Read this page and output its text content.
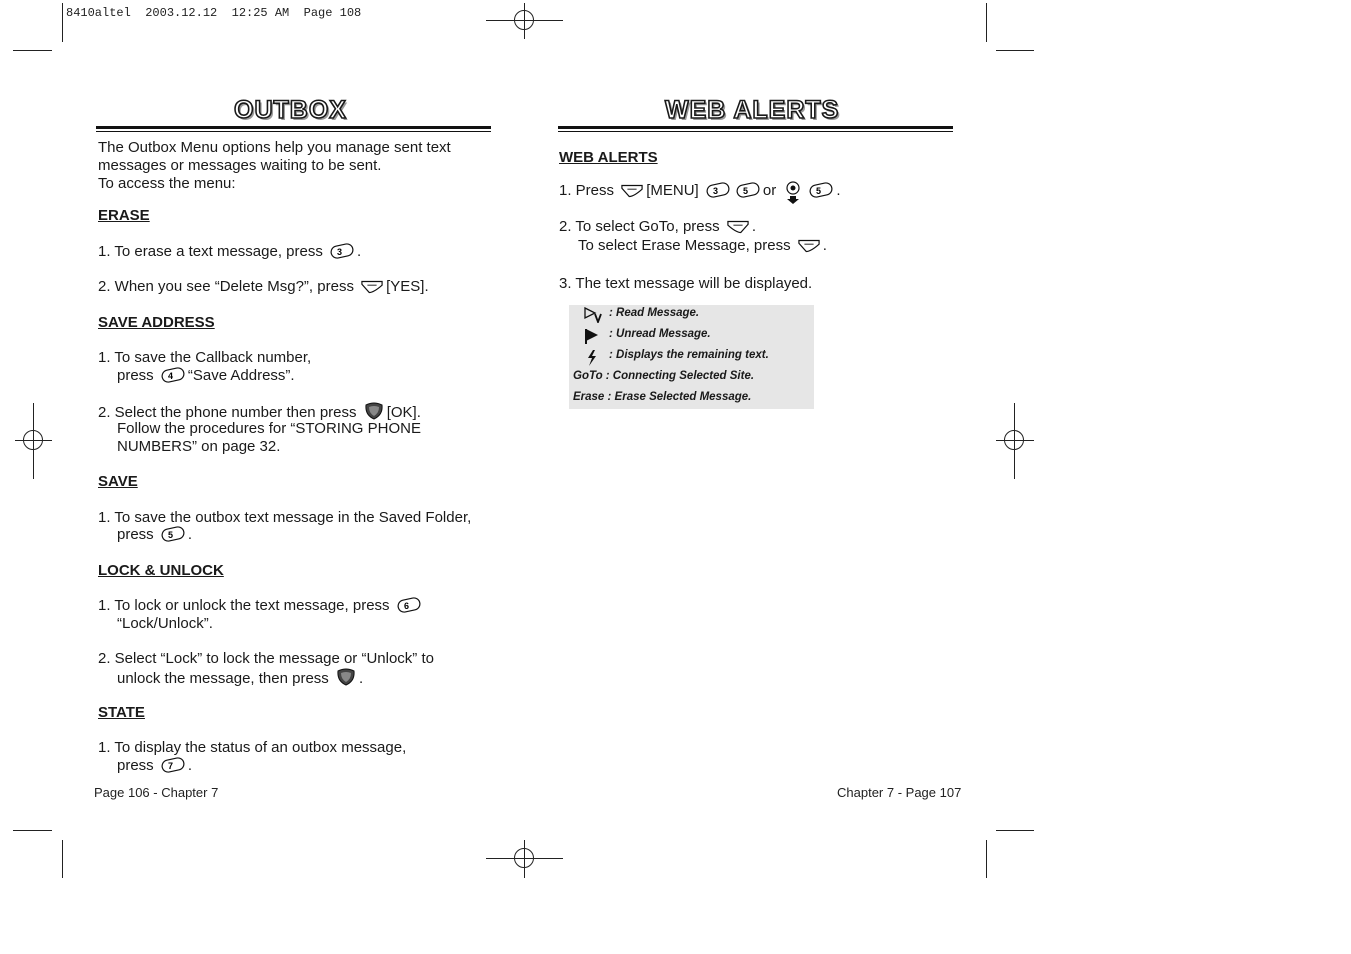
8410altel  2003.12.12  12:25 AM  Page 108
OUTBOX
The Outbox Menu options help you manage sent text
messages or messages waiting to be sent.
To access the menu:
ERASE
1. To erase a text message, press 3 .
2. When you see “Delete Msg?”, press [YES].
SAVE ADDRESS
1. To save the Callback number,
press 4 “Save Address”.
2. Select the phone number then press [OK].
Follow the procedures for “STORING PHONE
NUMBERS” on page 32.
SAVE
1. To save the outbox text message in the Saved Folder,
press 5 .
LOCK & UNLOCK
1. To lock or unlock the text message, press 6
“Lock/Unlock”.
2. Select “Lock” to lock the message or “Unlock” to
unlock the message, then press .
STATE
1. To display the status of an outbox message,
press 7 .
Page 106 - Chapter 7
WEB ALERTS
WEB ALERTS
1. Press [MENU] 3	5 or	5 .
2. To select GoTo, press .
To select Erase Message, press .
3. The text message will be displayed.
: Read Message.
: Unread Message.
: Displays the remaining text.
GoTo : Connecting Selected Site.
Erase : Erase Selected Message.
Chapter 7 - Page 107
